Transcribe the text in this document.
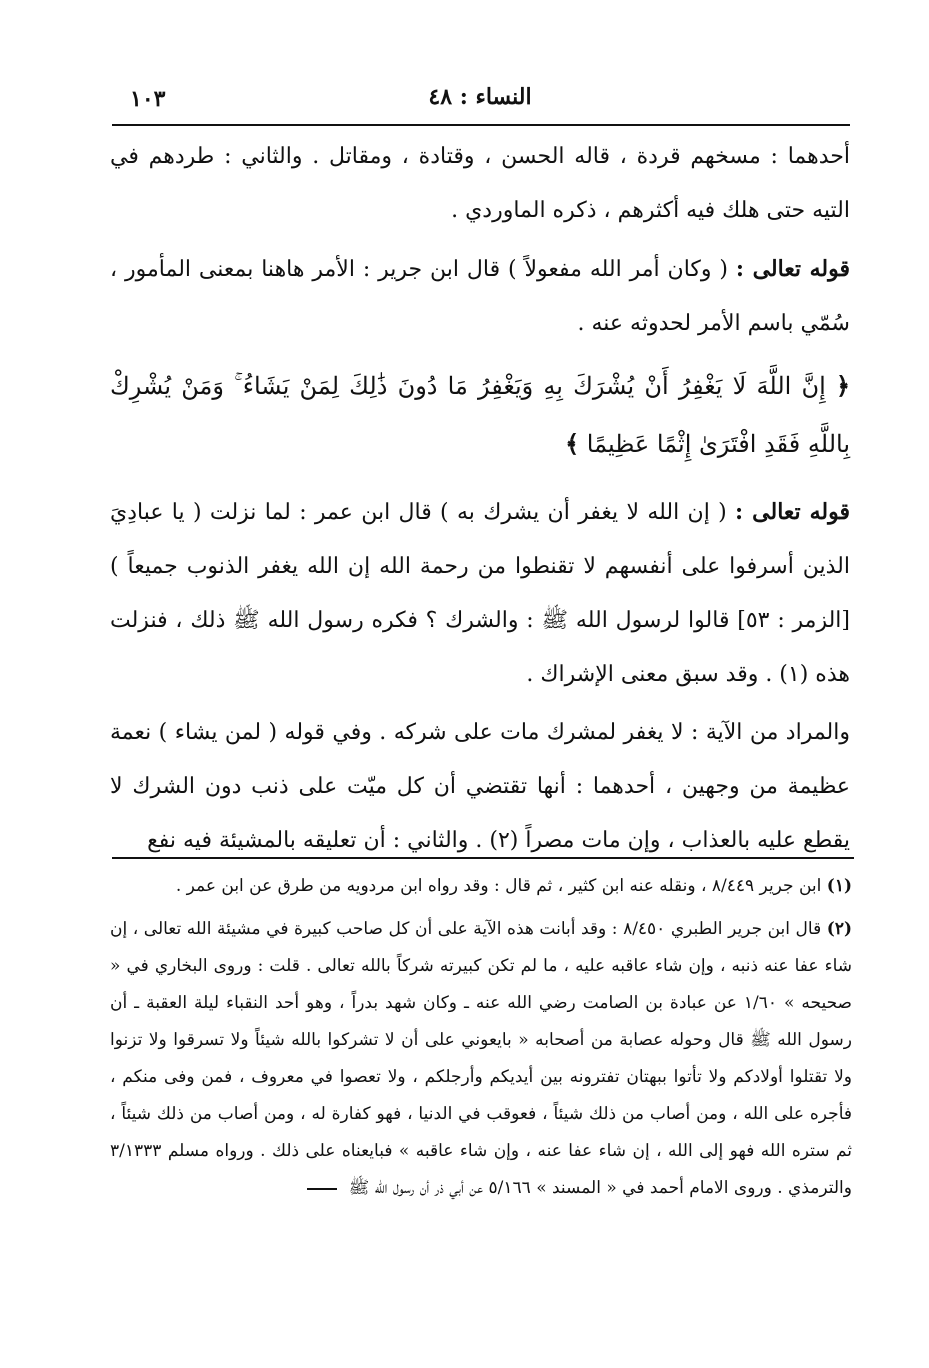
١٠٣	النساء : ٤٨

أحدهما : مسخهم قردة ، قاله الحسن ، وقتادة ، ومقاتل . والثاني : طردهم في التيه حتى هلك فيه أكثرهم ، ذكره الماوردي .

قوله تعالى : ( وكان أمر الله مفعولاً ) قال ابن جرير : الأمر هاهنا بمعنى المأمور ، سُمّي باسم الأمر لحدوثه عنه .

﴿ إِنَّ اللَّهَ لَا يَغْفِرُ أَنْ يُشْرَكَ بِهِ وَيَغْفِرُ مَا دُونَ ذَٰلِكَ لِمَنْ يَشَاءُ ۚ وَمَنْ يُشْرِكْ بِاللَّهِ فَقَدِ افْتَرَىٰ إِثْمًا عَظِيمًا ﴾

قوله تعالى : ( إن الله لا يغفر أن يشرك به ) قال ابن عمر : لما نزلت ( يا عبادِيَ الذين أسرفوا على أنفسهم لا تقنطوا من رحمة الله إن الله يغفر الذنوب جميعاً ) [الزمر : ٥٣] قالوا لرسول الله ﷺ : والشرك ؟ فكره رسول الله ﷺ ذلك ، فنزلت هذه (١) . وقد سبق معنى الإشراك .

والمراد من الآية : لا يغفر لمشرك مات على شركه . وفي قوله ( لمن يشاء ) نعمة عظيمة من وجهين ، أحدهما : أنها تقتضي أن كل ميّت على ذنب دون الشرك لا يقطع عليه بالعذاب ، وإن مات مصراً (٢) . والثاني : أن تعليقه بالمشيئة فيه نفع

(١) ابن جرير ٨/٤٤٩ ، ونقله عنه ابن كثير ، ثم قال : وقد رواه ابن مردويه من طرق عن ابن عمر .

(٢) قال ابن جرير الطبري ٨/٤٥٠ : وقد أبانت هذه الآية على أن كل صاحب كبيرة في مشيئة الله تعالى ، إن شاء عفا عنه ذنبه ، وإن شاء عاقبه عليه ، ما لم تكن كبيرته شركاً بالله تعالى . قلت : وروى البخاري في « صحيحه » ١/٦٠ عن عبادة بن الصامت رضي الله عنه ـ وكان شهد بدراً ، وهو أحد النقباء ليلة العقبة ـ أن رسول الله ﷺ قال وحوله عصابة من أصحابه « بايعوني على أن لا تشركوا بالله شيئاً ولا تسرقوا ولا تزنوا ولا تقتلوا أولادكم ولا تأتوا ببهتان تفترونه بين أيديكم وأرجلكم ، ولا تعصوا في معروف ، فمن وفى منكم ، فأجره على الله ، ومن أصاب من ذلك شيئاً ، فعوقب في الدنيا ، فهو كفارة له ، ومن أصاب من ذلك شيئاً ، ثم ستره الله فهو إلى الله ، إن شاء عفا عنه ، وإن شاء عاقبه » فبايعناه على ذلك . ورواه مسلم ٣/١٣٣٣ والترمذي . وروى الامام أحمد في « المسند » ٥/١٦٦ عن أبي ذر أن رسول الله ﷺ
